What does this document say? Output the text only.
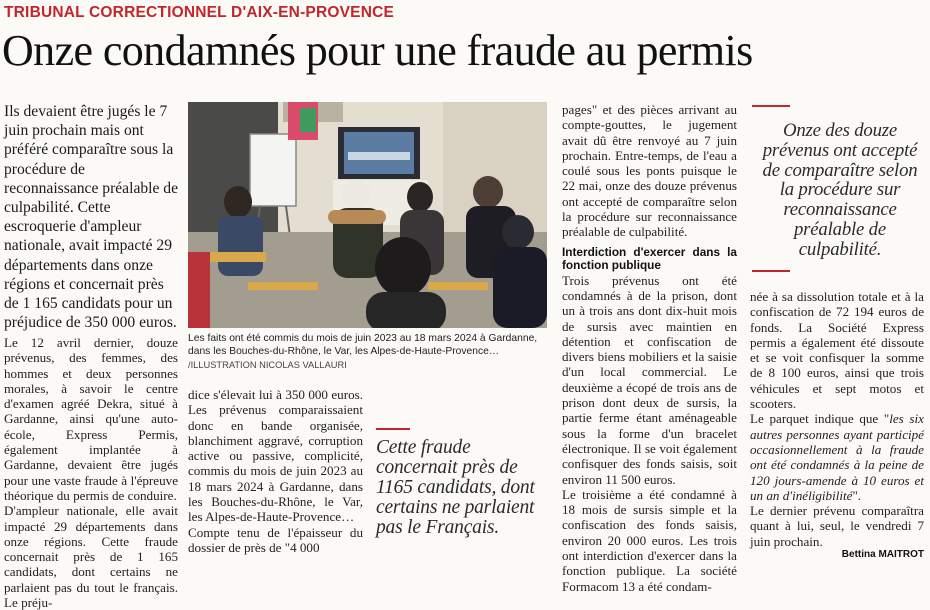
TRIBUNAL CORRECTIONNEL D'AIX-EN-PROVENCE
Onze condamnés pour une fraude au permis
Ils devaient être jugés le 7 juin prochain mais ont préféré comparaître sous la procédure de reconnaissance préalable de culpabilité. Cette escroquerie d'ampleur nationale, avait impacté 29 départements dans onze régions et concernait près de 1 165 candidats pour un préjudice de 350 000 euros.

Le 12 avril dernier, douze prévenus, des femmes, des hommes et deux personnes morales, à savoir le centre d'examen agréé Dekra, situé à Gardanne, ainsi qu'une auto-école, Express Permis, également implantée à Gardanne, devaient être jugés pour une vaste fraude à l'épreuve théorique du permis de conduire.

D'ampleur nationale, elle avait impacté 29 départements dans onze régions. Cette fraude concernait près de 1 165 candidats, dont certains ne parlaient pas du tout le français. Le préju-

Les faits ont été commis du mois de juin 2023 au 18 mars 2024 à Gardanne, dans les Bouches-du-Rhône, le Var, les Alpes-de-Haute-Provence…
/ILLUSTRATION NICOLAS VALLAURI

dice s'élevait lui à 350 000 euros. Les prévenus comparaissaient donc en bande organisée, blanchiment aggravé, corruption active ou passive, complicité, commis du mois de juin 2023 au 18 mars 2024 à Gardanne, dans les Bouches-du-Rhône, le Var, les Alpes-de-Haute-Provence…

Compte tenu de l'épaisseur du dossier de près de "4 000

Cette fraude concernait près de 1165 candidats, dont certains ne parlaient pas le Français.

pages" et des pièces arrivant au compte-gouttes, le jugement avait dû être renvoyé au 7 juin prochain. Entre-temps, de l'eau a coulé sous les ponts puisque le 22 mai, onze des douze prévenus ont accepté de comparaître selon la procédure sur reconnaissance préalable de culpabilité.

Interdiction d'exercer dans la fonction publique

Trois prévenus ont été condamnés à de la prison, dont un à trois ans dont dix-huit mois de sursis avec maintien en détention et confiscation de divers biens mobiliers et la saisie d'un local commercial. Le deuxième a écopé de trois ans de prison dont deux de sursis, la partie ferme étant aménageable sous la forme d'un bracelet électronique. Il se voit également confisquer des fonds saisis, soit environ 11 500 euros.

Le troisième a été condamné à 18 mois de sursis simple et la confiscation des fonds saisis, environ 20 000 euros. Les trois ont interdiction d'exercer dans la fonction publique. La société Formacom 13 a été condam-

Onze des douze prévenus ont accepté de comparaître selon la procédure sur reconnaissance préalable de culpabilité.

née à sa dissolution totale et à la confiscation de 72 194 euros de fonds. La Société Express permis a également été dissoute et se voit confisquer la somme de 8 100 euros, ainsi que trois véhicules et sept motos et scooters.

Le parquet indique que "les six autres personnes ayant participé occasionnellement à la fraude ont été condamnés à la peine de 120 jours-amende à 10 euros et un an d'inéligibilité".

Le dernier prévenu comparaîtra quant à lui, seul, le vendredi 7 juin prochain.

Bettina MAITROT
